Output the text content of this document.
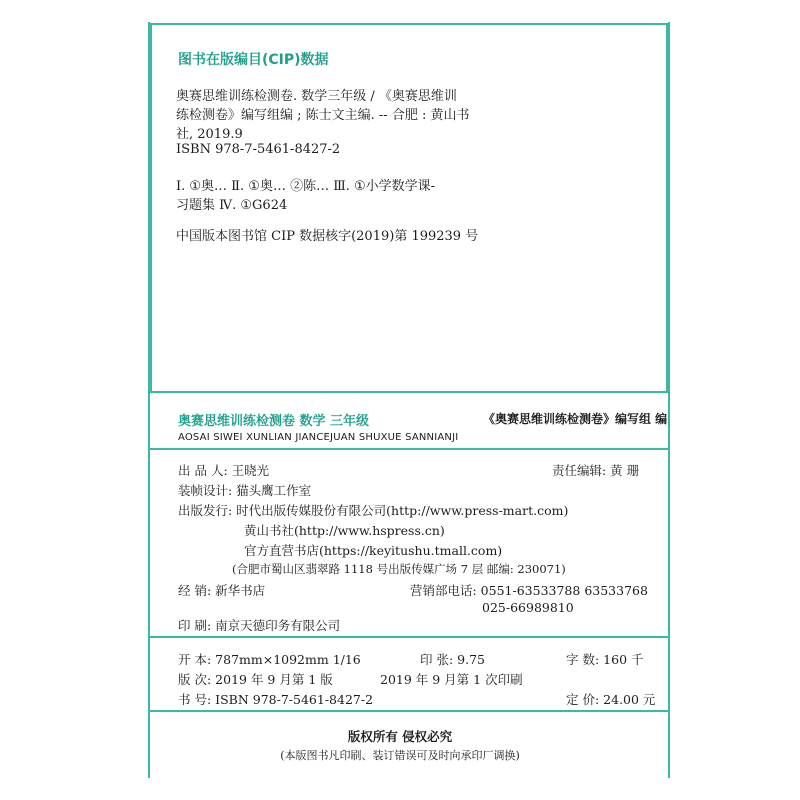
图书在版编目(CIP)数据
奥赛思维训练检测卷. 数学三年级 / 《奥赛思维训
练检测卷》编写组编 ; 陈士文主编. -- 合肥 : 黄山书
社, 2019.9
ISBN 978-7-5461-8427-2
Ⅰ. ①奥… Ⅱ. ①奥… ②陈… Ⅲ. ①小学数学课-
习题集 Ⅳ. ①G624
中国版本图书馆 CIP 数据核字(2019)第 199239 号
奥赛思维训练检测卷 数学 三年级	《奥赛思维训练检测卷》编写组 编
AOSAI SIWEI XUNLIAN JIANCEJUAN SHUXUE SANNIANJI
出 品 人: 王晓光	责任编辑: 黄 珊
装帧设计: 猫头鹰工作室
出版发行: 时代出版传媒股份有限公司(http://www.press-mart.com)
黄山书社(http://www.hspress.cn)
官方直营书店(https://keyitushu.tmall.com)
(合肥市蜀山区翡翠路 1118 号出版传媒广场 7 层 邮编: 230071)
经 销: 新华书店	营销部电话: 0551-63533788 63533768
025-66989810
印 刷: 南京天德印务有限公司
开 本: 787mm×1092mm 1/16	印 张: 9.75	字 数: 160 千
版 次: 2019 年 9 月第 1 版	2019 年 9 月第 1 次印刷
书 号: ISBN 978-7-5461-8427-2	定 价: 24.00 元
版权所有 侵权必究
(本版图书凡印刷、装订错误可及时向承印厂调换)
